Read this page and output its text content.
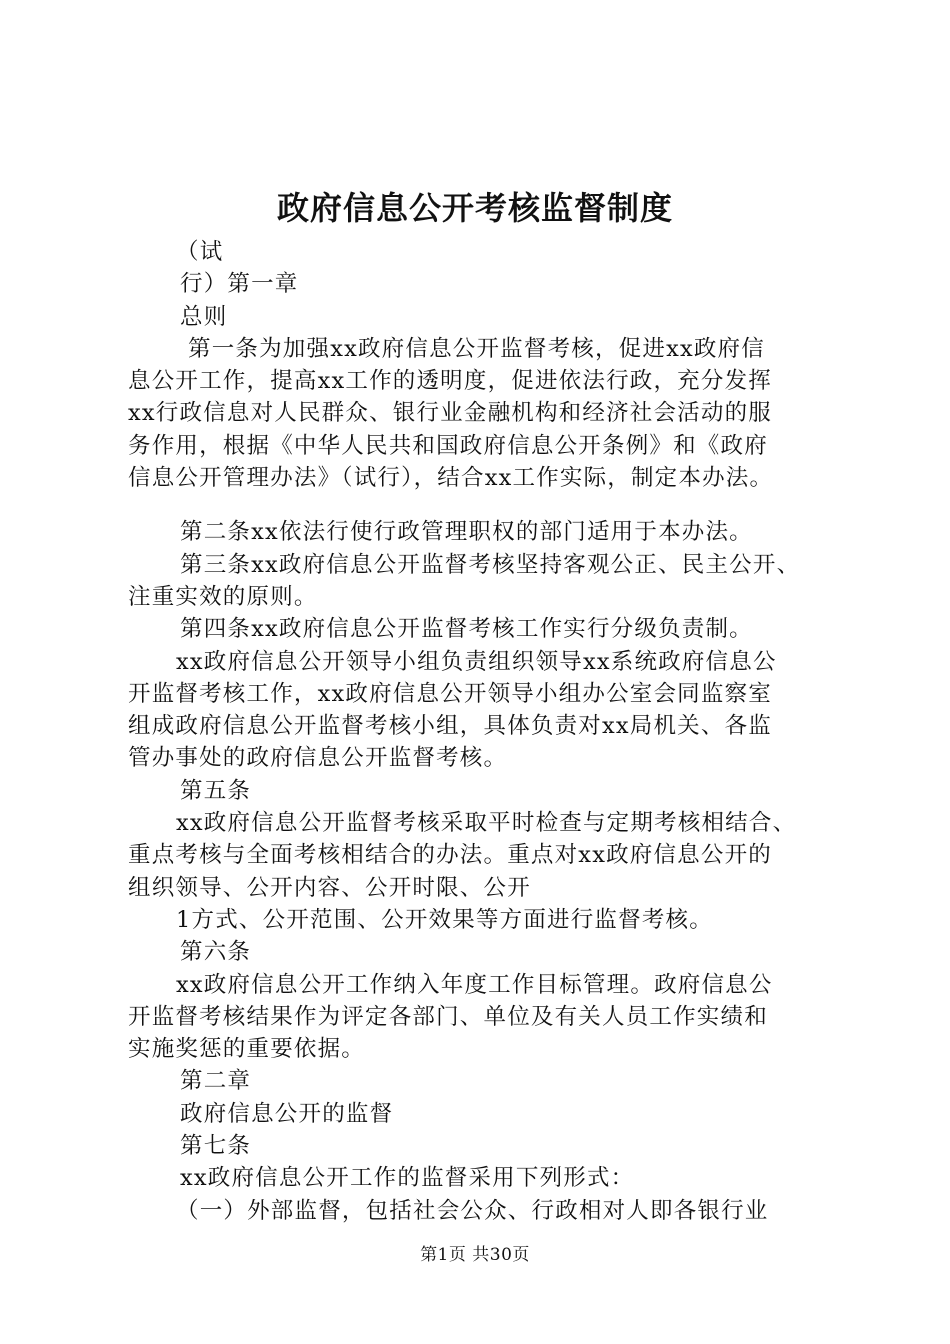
政府信息公开考核监督制度
（试
行）第一章
总则
第一条为加强xx政府信息公开监督考核，促进xx政府信
息公开工作，提高xx工作的透明度，促进依法行政，充分发挥
xx行政信息对人民群众、银行业金融机构和经济社会活动的服
务作用，根据《中华人民共和国政府信息公开条例》和《政府
信息公开管理办法》（试行），结合xx工作实际，制定本办法。
第二条xx依法行使行政管理职权的部门适用于本办法。
第三条xx政府信息公开监督考核坚持客观公正、民主公开、
注重实效的原则。
第四条xx政府信息公开监督考核工作实行分级负责制。
xx政府信息公开领导小组负责组织领导xx系统政府信息公
开监督考核工作，xx政府信息公开领导小组办公室会同监察室
组成政府信息公开监督考核小组，具体负责对xx局机关、各监
管办事处的政府信息公开监督考核。
第五条
xx政府信息公开监督考核采取平时检查与定期考核相结合、
重点考核与全面考核相结合的办法。重点对xx政府信息公开的
组织领导、公开内容、公开时限、公开
1方式、公开范围、公开效果等方面进行监督考核。
第六条
xx政府信息公开工作纳入年度工作目标管理。政府信息公
开监督考核结果作为评定各部门、单位及有关人员工作实绩和
实施奖惩的重要依据。
第二章
政府信息公开的监督
第七条
xx政府信息公开工作的监督采用下列形式：
（一）外部监督，包括社会公众、行政相对人即各银行业
第1页 共30页
